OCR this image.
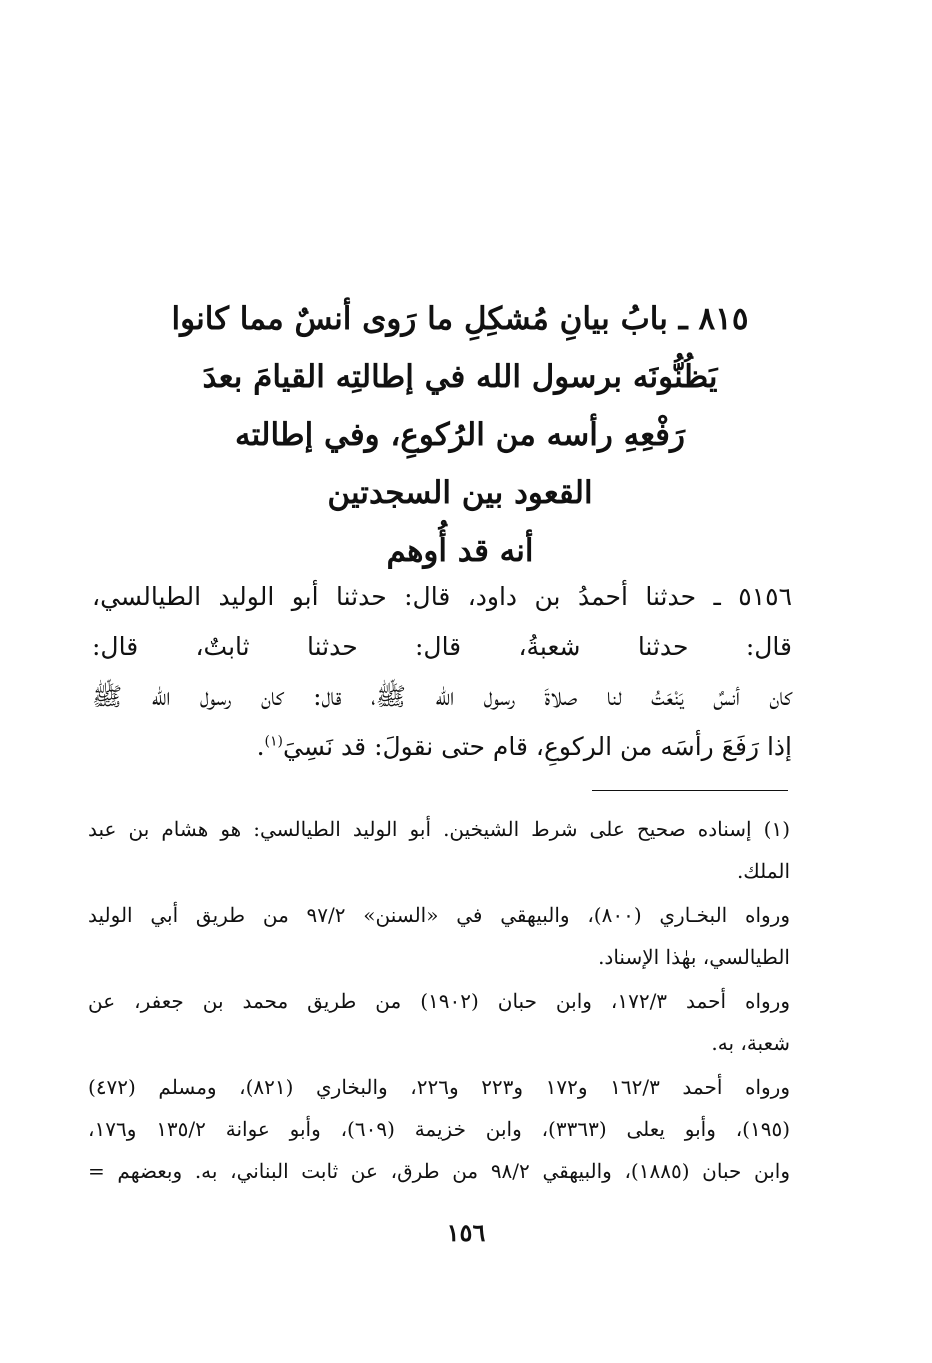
٨١٥ ـ بابُ بيانِ مُشكِلِ ما رَوى أنسٌ مما كانوا
يَظُنُّونَه برسول الله في إطالتِه القيامَ بعدَ
رَفْعِهِ رأسه من الرُكوعِ، وفي إطالته
القعود بين السجدتين
أنه قد أُوهم
٥١٥٦ ـ حدثنا أحمدُ بن داود، قال: حدثنا أبو الوليد الطيالسي،
قال: حدثنا شعبةُ، قال: حدثنا ثابتٌ، قال:
كان أنسٌ يَنْعَتُ لنا صلاةَ رسول الله ﷺ، قال: كان رسول الله ﷺ
إذا رَفَعَ رأسَه من الركوعِ، قام حتى نقولَ: قد نَسِيَ$^{(١)}$.

(١) إسناده صحيح على شرط الشيخين. أبو الوليد الطيالسي: هو هشام بن عبد
الملك.

ورواه البخـاري (٨٠٠)، والبيهقي في «السنن» ٩٧/٢ من طريق أبي الوليد
الطيالسي، بهٰذا الإسناد.

ورواه أحمد ١٧٢/٣، وابن حبان (١٩٠٢) من طريق محمد بن جعفر، عن
شعبة، به.

ورواه أحمد ١٦٢/٣ و١٧٢ و٢٢٣ و٢٢٦، والبخاري (٨٢١)، ومسلم (٤٧٢)
(١٩٥)، وأبو يعلى (٣٣٦٣)، وابن خزيمة (٦٠٩)، وأبو عوانة ١٣٥/٢ و١٧٦،
وابن حبان (١٨٨٥)، والبيهقي ٩٨/٢ من طرق، عن ثابت البناني، به. وبعضهم =

١٥٦
